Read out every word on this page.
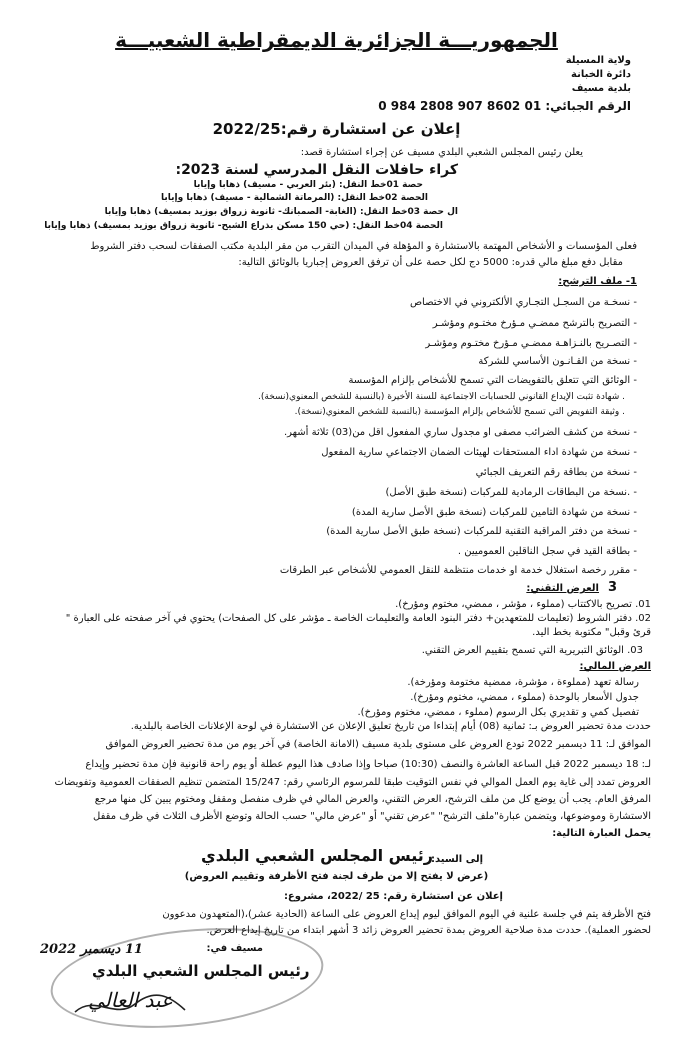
الجمهوريـــة الجزائرية الديمقراطية الشعبيـــة
ولاية المسيلة
دائرة الخبانة
بلدية مسيف
الرقم الجبائي: 01 8602 907 2808 984 0
إعلان عن استشارة رقم:2022/25
يعلن رئيس المجلس الشعبي البلدي مسيف عن إجراء استشارة قصد:
كراء حافلات النقل المدرسي لسنة 2023:
حصة 01خط النقل: (بئر العربي - مسيف) ذهابا وإيابا
الحصة 02خط النقل: (المرماتة الشمالية - مسيف) ذهابا وإيابا
ال حصة 03خط النقل: (الغابة- الصمبانك- ثانوية زرواق بوزيد بمسيف) ذهابا وإيابا
الحصة 04خط النقل: (حي 150 مسكن بذراع الشيح- ثانوية زرواق بوزيد بمسيف) ذهابا وإيابا
فعلى المؤسسات و الأشخاص المهتمة بالاستشارة و المؤهلة في الميدان التقرب من مقر البلدية مكتب الصفقات لسحب دفتر الشروط
مقابل دفع مبلغ مالي قدره: 5000 دج لكل حصة على أن ترفق العروض إجباريا بالوثائق التالية:
1- ملف الترشح:
- نسخـة من السجـل التجـاري الألكتروني في الاختصاص
- التصريح بالترشح ممضـي مـؤرخ مختـوم ومؤشـر
- التصـريح بالنـزاهـة ممضـي مـؤرخ مختـوم ومؤشـر
- نسخة من القـانـون الأساسي للشركة
- الوثائق التي تتعلق بالتفويضات التي تسمح للأشخاص بإلزام المؤسسة
. شهادة تثبت الإيداع القانوني للحسابات الاجتماعية للسنة الأخيرة (بالنسبة للشخص المعنوي(نسخة).
. وثيقة التفويض التي تسمح للأشخاص بإلزام المؤسسة (بالنسبة للشخص المعنوي(نسخة).
- نسخة من كشف الضرائب مصفى او مجدول ساري المفعول اقل من(03) ثلاثة أشهر.
- نسخة من شهادة اداء المستحقات لهيئات الضمان الاجتماعي سارية المفعول
- نسخة من بطاقة رقم التعريف الجبائي
- .نسخة من البطاقات الرمادية للمركبات (نسخة طبق الأصل)
- نسخة من شهادة التامين للمركبات (نسخة طبق الأصل سارية المدة)
- نسخة من دفتر المراقبة التقنية للمركبات (نسخة طبق الأصل سارية المدة)
- بطاقة القيد في سجل الناقلين العموميين .
- مقرر رخصة استغلال خدمة او خدمات منتظمة للنقل العمومي للأشخاص عبر الطرقات
3
العرض التقني:
01. تصريح بالاكتتاب (مملوء ، مؤشر ، ممضي، مختوم ومؤرخ).
02. دفتر الشروط (تعليمات للمتعهدين+ دفتر البنود العامة والتعليمات الخاصة ـ مؤشر على كل الصفحات) يحتوي في آخر صفحته على العبارة "
قرئ وقبل" مكتوبة بخط اليد.
03. الوثائق التبريرية التي تسمح بتقييم العرض التقني.
العرض المالي:
رسالة تعهد (مملوءة ، مؤشرة، ممضية مختومة ومؤرخة).
جدول الأسعار بالوحدة (مملوء ، ممضي، مختوم ومؤرخ).
تفصيل كمي و تقديري بكل الرسوم (مملوء ، ممضي، مختوم ومؤرخ).
حددت مدة تحضير العروض بـ: ثمانية (08) أيام إبتداءا من تاريخ تعليق الإعلان عن الاستشارة في لوحة الإعلانات الخاصة بالبلدية.
الموافق لـ: 11 ديسمبر 2022 تودع العروض على مستوى بلدية مسيف (الامانة الخاصة) في آخر يوم من مدة تحضير العروض الموافق
لـ: 18 ديسمبر 2022 قبل الساعة العاشرة والنصف (10:30) صباحا وإذا صادف هذا اليوم عطلة أو يوم راحة قانونية فإن مدة تحضير وإيداع
العروض تمدد إلى غاية يوم العمل الموالي في نفس التوقيت طبقا للمرسوم الرئاسي رقم: 15/247 المتضمن تنظيم الصفقات العمومية وتفويضات
المرفق العام. يجب أن يوضع كل من ملف الترشح، العرض التقني، والعرض المالي في ظرف منفصل ومقفل ومختوم يبين كل منها مرجع
الاستشارة وموضوعها، ويتضمن عبارة"ملف الترشح" "عرض تقني" أو "عرض مالي" حسب الحالة وتوضع الأظرف الثلاث في ظرف مقفل
يحمل العبارة التالية:
إلى السيد:
رئيس المجلس الشعبي البلدي
(عرض لا يفتح إلا من طرف لجنة فتح الأظرفة وتقييم العروض)
إعلان عن استشارة رقم: 25 /2022، مشروع:
فتح الأظرفة يتم في جلسة علنية في اليوم الموافق ليوم إيداع العروض على الساعة (الحادية عشر)،(المتعهدون مدعوون
لحضور العملية). حددت مدة صلاحية العروض بمدة تحضير العروض زائد 3 أشهر ابتداء من تاريخ إيداع العرض.
مسيف في:
11 ديسمبر 2022
رئيس المجلس الشعبي البلدي
عبد العالي
